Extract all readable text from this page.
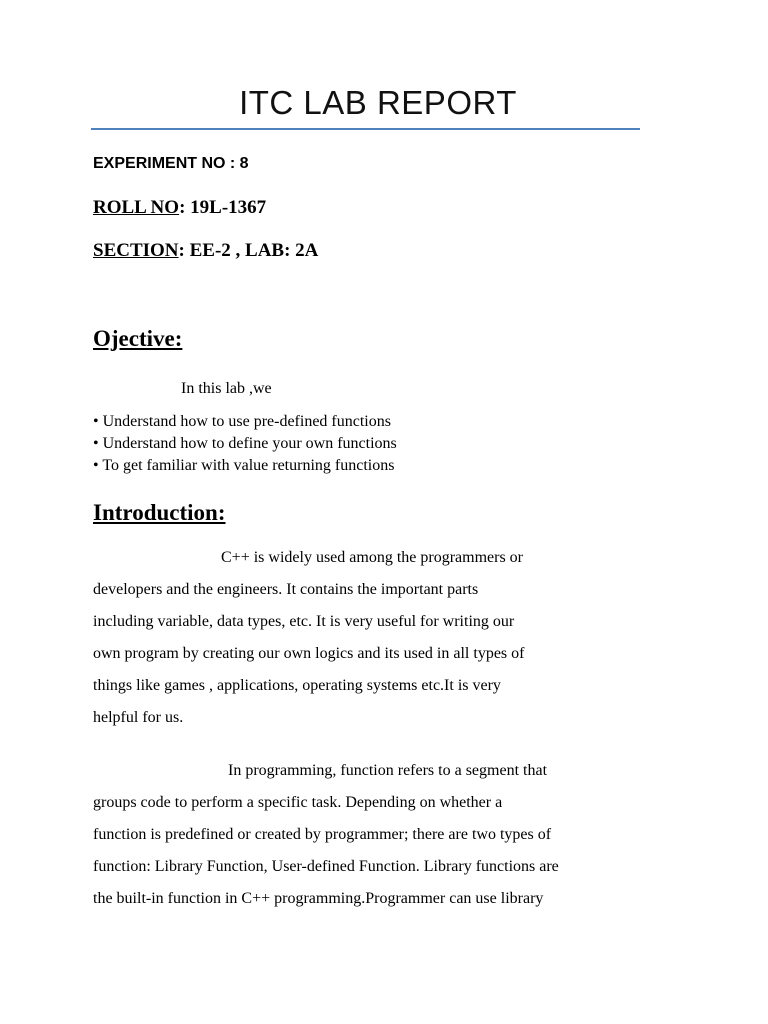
ITC LAB REPORT
EXPERIMENT NO : 8
ROLL NO: 19L-1367
SECTION: EE-2 , LAB: 2A
Ojective:
In this lab ,we
• Understand how to use pre-defined functions
• Understand how to define your own functions
• To get familiar with value returning functions
Introduction:
C++ is widely used among the programmers or
developers and the engineers. It contains the important parts
including variable, data types, etc. It is very useful for writing our
own program by creating our own logics and its used in all types of
things like games , applications, operating systems etc.It is very
helpful for us.
In programming, function refers to a segment that
groups code to perform a specific task. Depending on whether a
function is predefined or created by programmer; there are two types of
function: Library Function, User-defined Function. Library functions are
the built-in function in C++ programming.Programmer can use library
